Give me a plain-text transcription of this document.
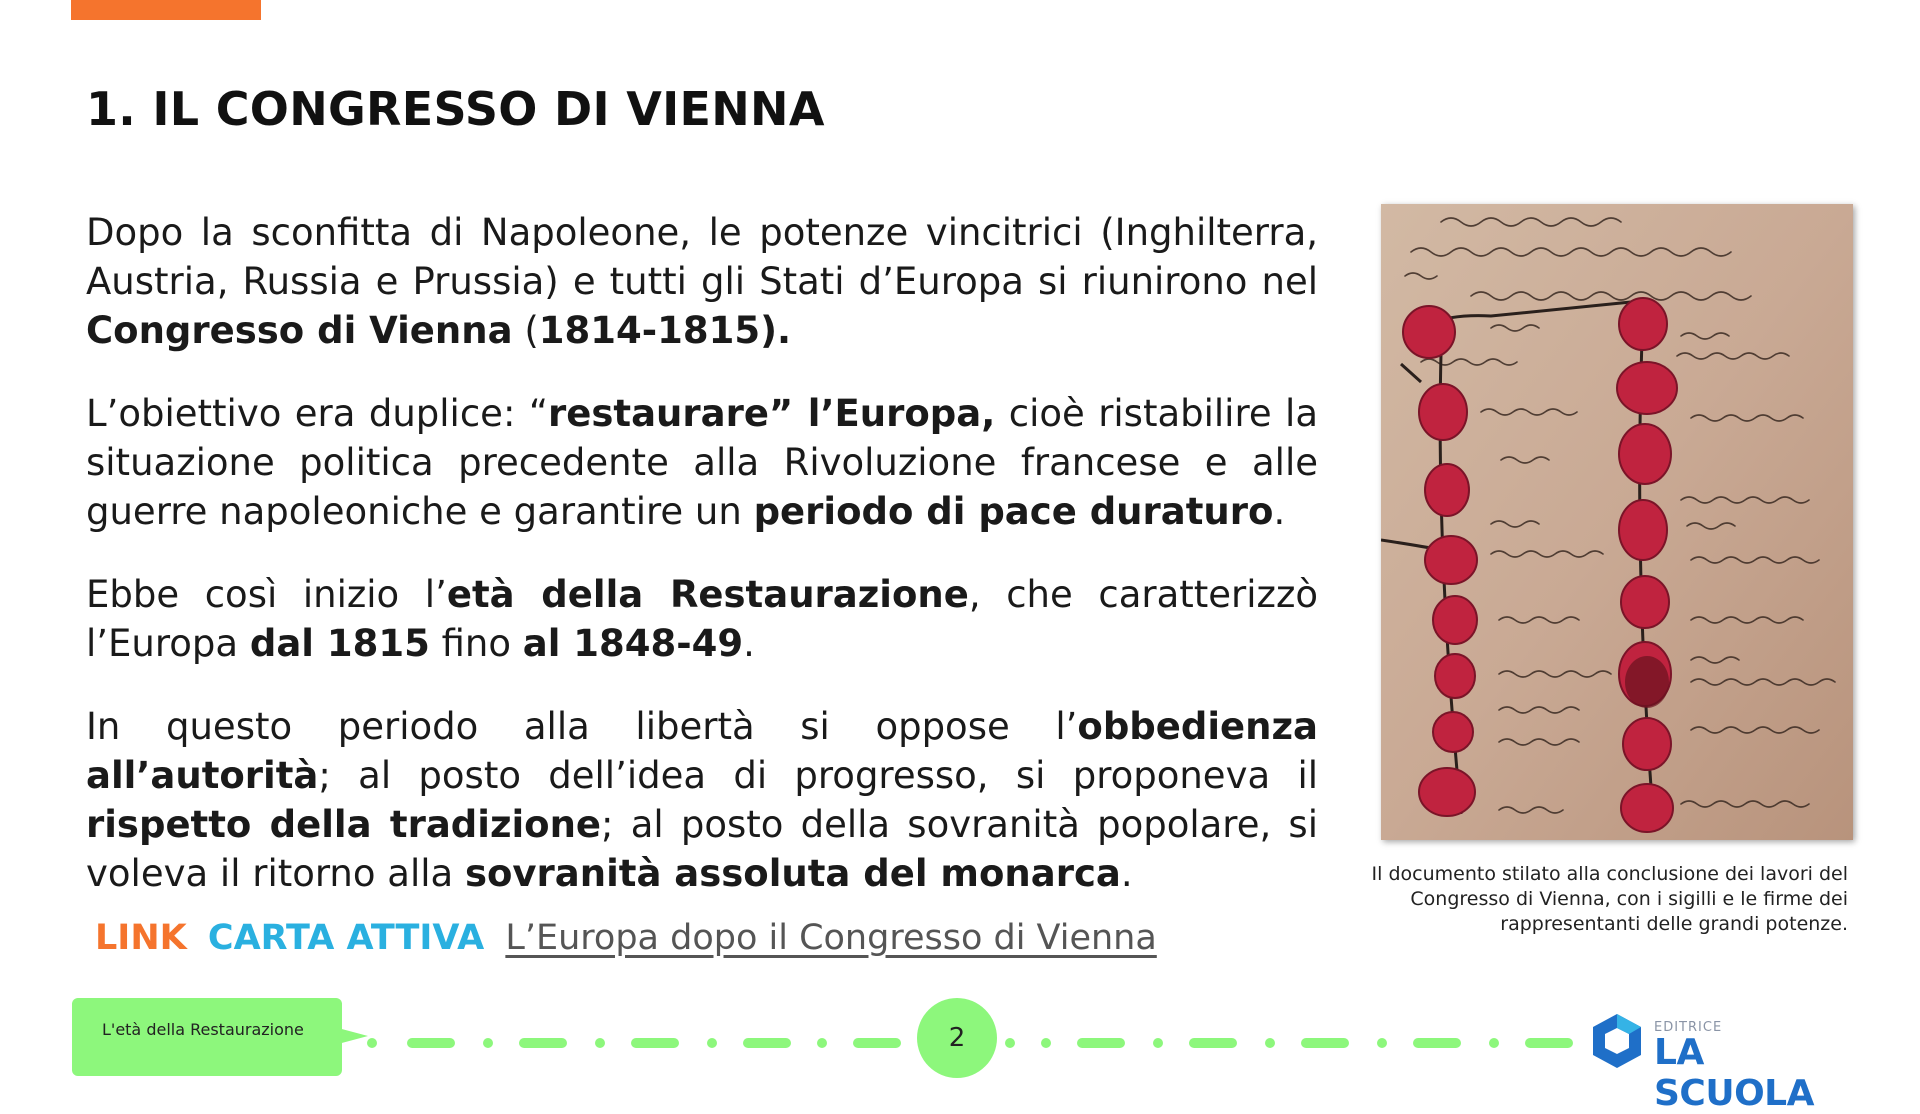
1. IL CONGRESSO DI VIENNA

Dopo la sconfitta di Napoleone, le potenze vincitrici (Inghilterra, Austria, Russia e Prussia) e tutti gli Stati d’Europa si riunirono nel Congresso di Vienna (1814-1815).

L’obiettivo era duplice: “restaurare” l’Europa, cioè ristabilire la situazione politica precedente alla Rivoluzione francese e alle guerre napoleoniche e garantire un periodo di pace duraturo.

Ebbe così inizio l’età della Restaurazione, che caratterizzò l’Europa dal 1815 fino al 1848-49.

In questo periodo alla libertà si oppose l’obbedienza all’autorità; al posto dell’idea di progresso, si proponeva il rispetto della tradizione; al posto della sovranità popolare, si voleva il ritorno alla sovranità assoluta del monarca.

LINK CARTA ATTIVA L’Europa dopo il Congresso di Vienna
Il documento stilato alla conclusione dei lavori del Congresso di Vienna, con i sigilli e le firme dei rappresentanti delle grandi potenze.
L'età della Restaurazione	2	EDITRICE
LA SCUOLA
